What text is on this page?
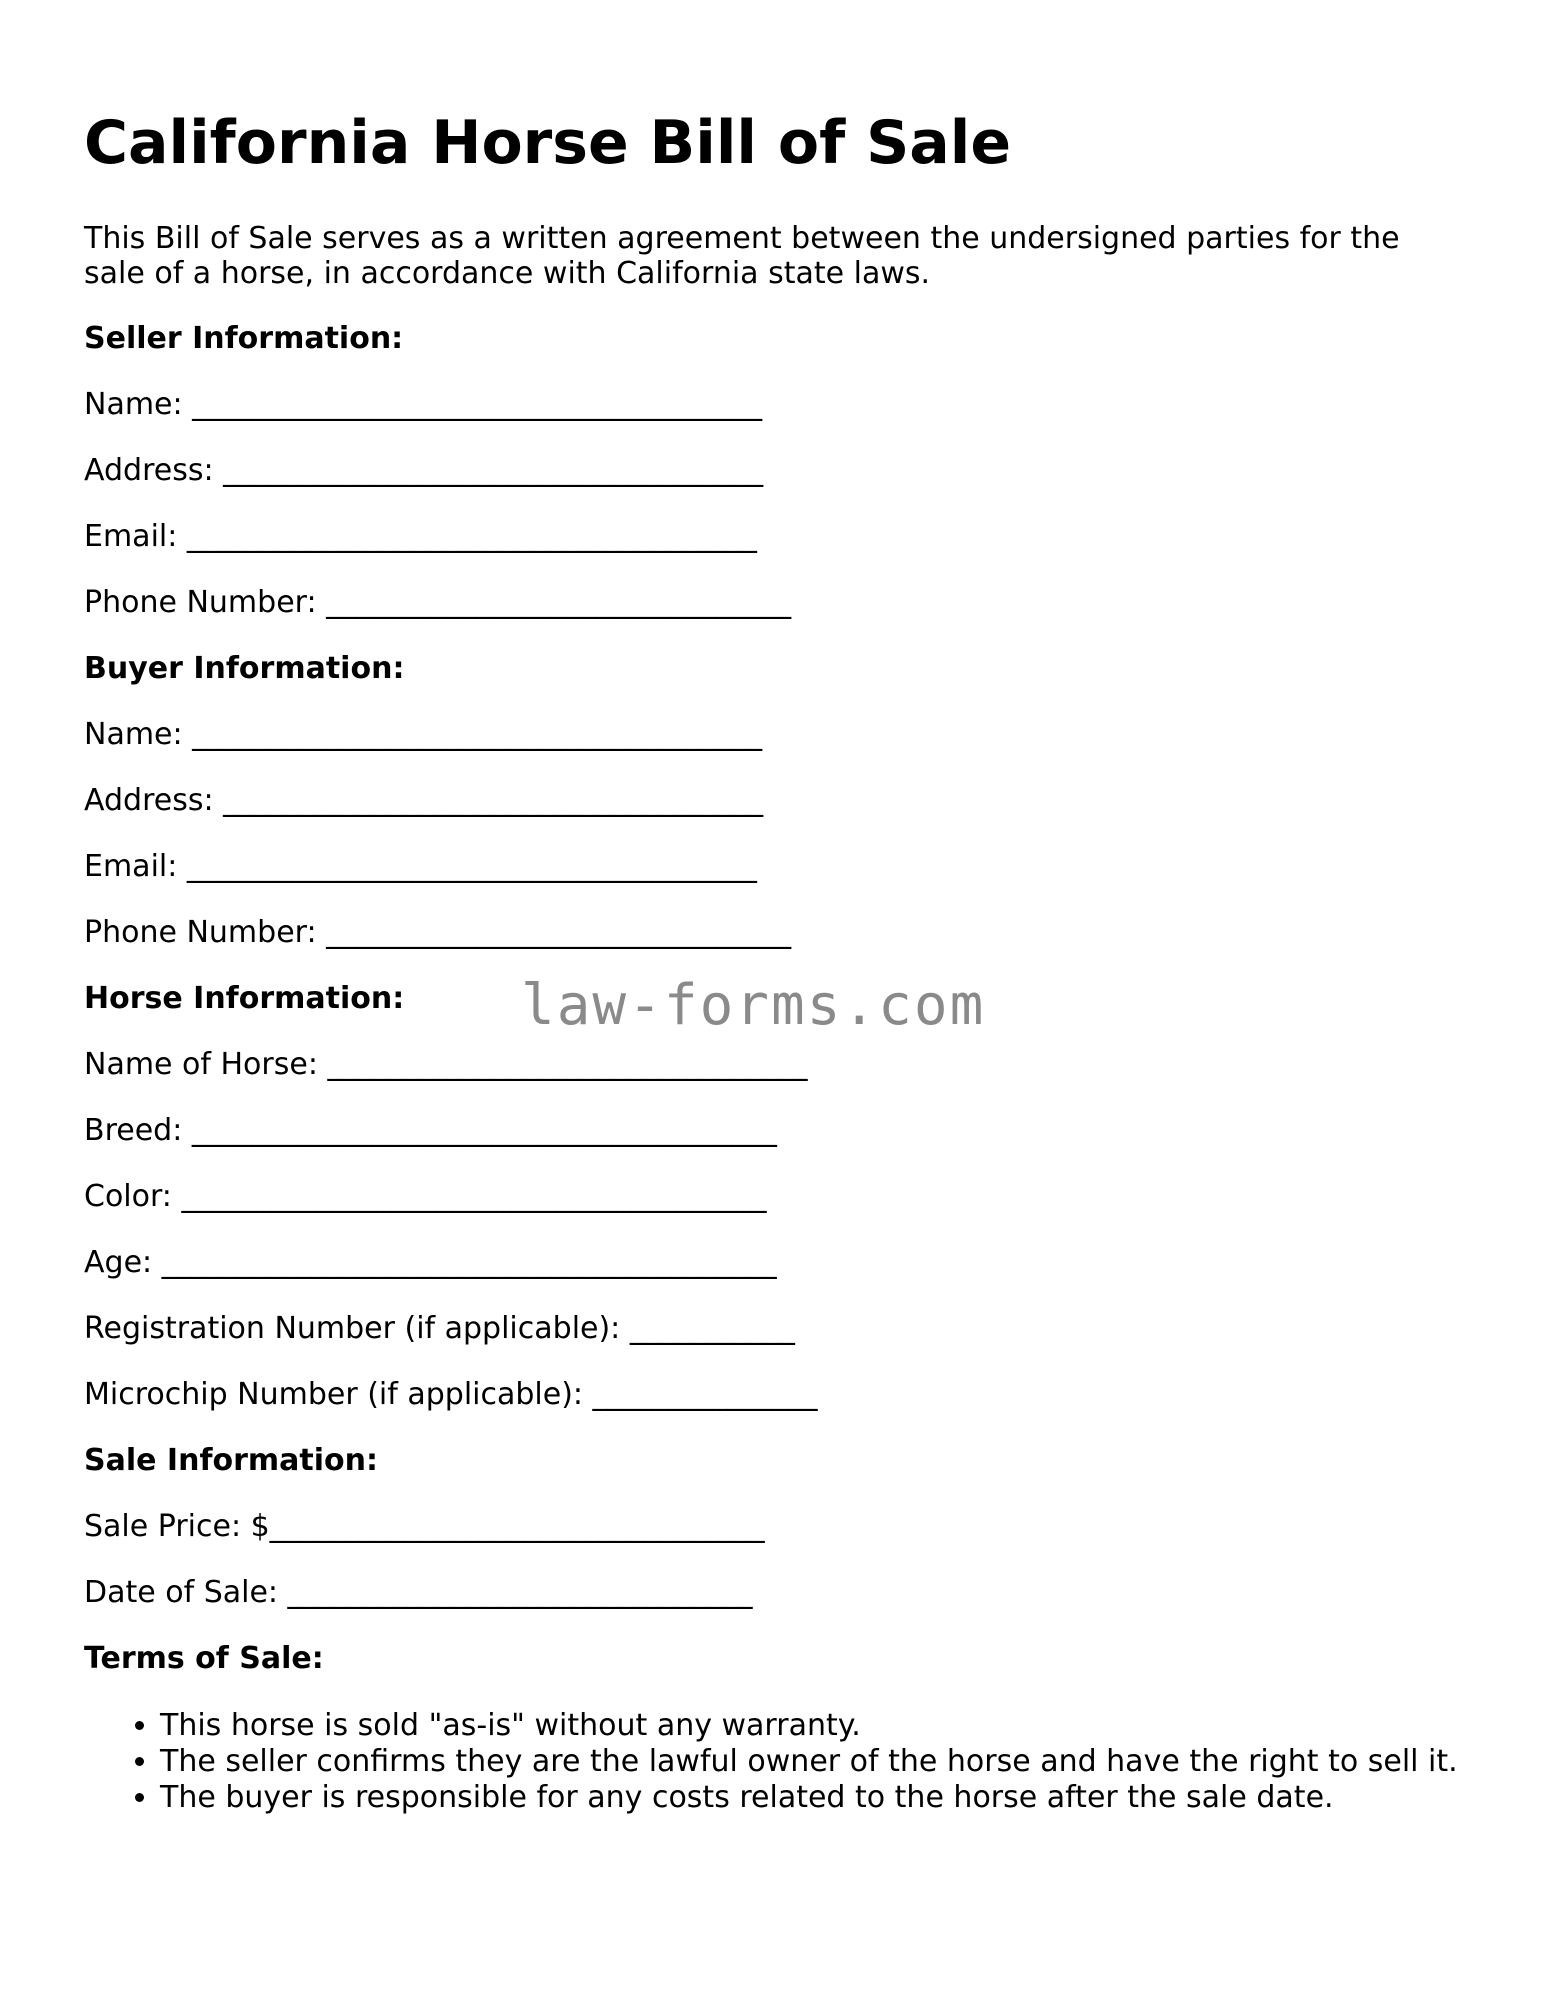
California Horse Bill of Sale

This Bill of Sale serves as a written agreement between the undersigned parties for the sale of a horse, in accordance with California state laws.

Seller Information:
Name: ______________________________________
Address: ____________________________________
Email: ______________________________________
Phone Number: _______________________________
Buyer Information:
Name: ______________________________________
Address: ____________________________________
Email: ______________________________________
Phone Number: _______________________________
Horse Information:
Name of Horse: ________________________________
Breed: _______________________________________
Color: _______________________________________
Age: _________________________________________
Registration Number (if applicable): ___________
Microchip Number (if applicable): _______________
Sale Information:
Sale Price: $_________________________________
Date of Sale: _______________________________
Terms of Sale:
• This horse is sold "as-is" without any warranty.
• The seller confirms they are the lawful owner of the horse and have the right to sell it.
• The buyer is responsible for any costs related to the horse after the sale date.
law-forms.com
